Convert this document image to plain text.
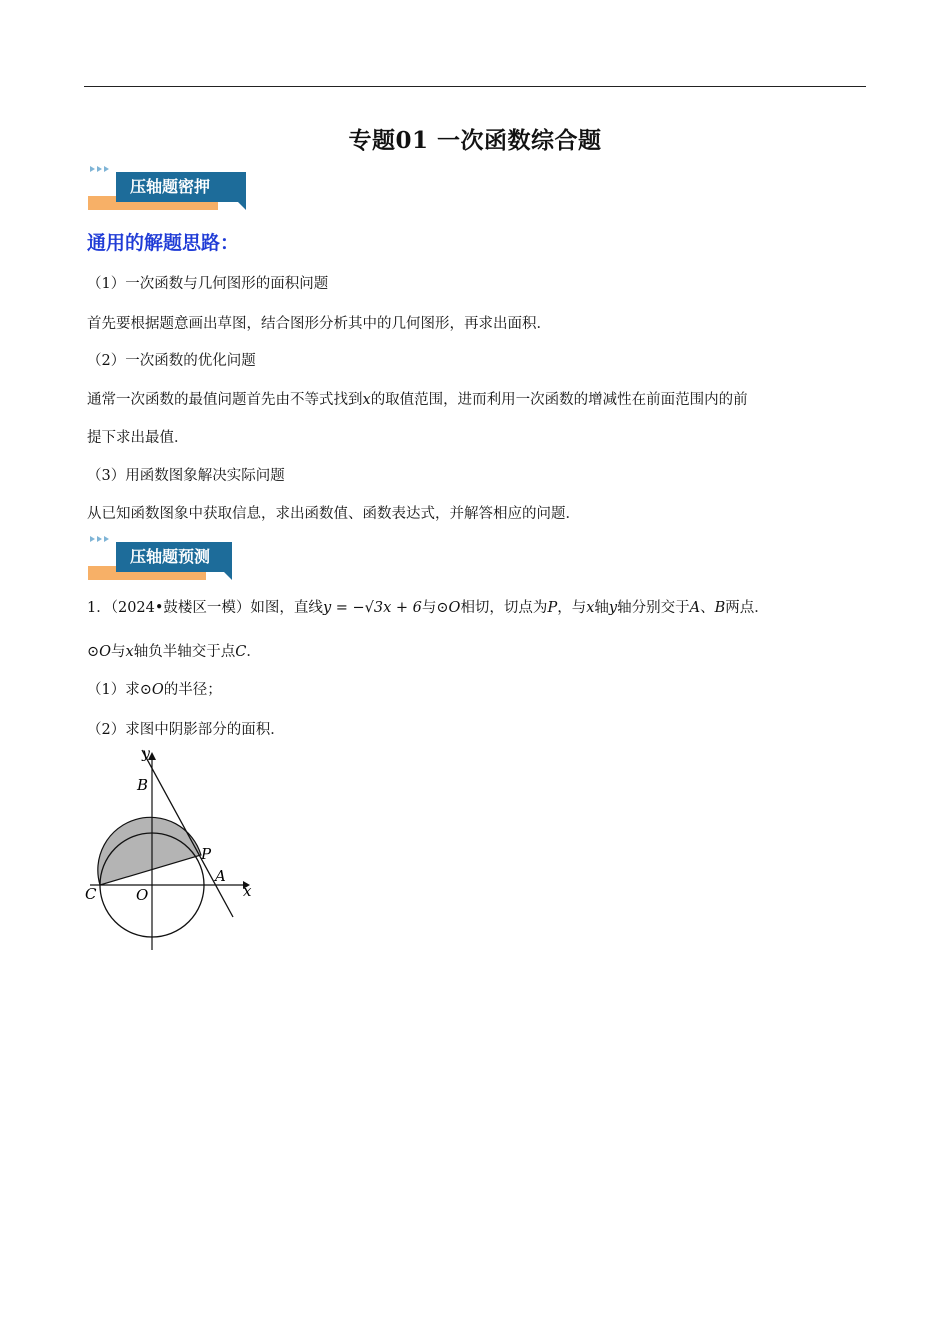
专题01 一次函数综合题
压轴题密押
通用的解题思路：
（1）一次函数与几何图形的面积问题
首先要根据题意画出草图，结合图形分析其中的几何图形，再求出面积．
（2）一次函数的优化问题
通常一次函数的最值问题首先由不等式找到x的取值范围，进而利用一次函数的增减性在前面范围内的前
提下求出最值．
（3）用函数图象解决实际问题
从已知函数图象中获取信息，求出函数值、函数表达式，并解答相应的问题．
压轴题预测
1．（2024•鼓楼区一模）如图，直线y = −√3x + 6与⊙O相切，切点为P，与x轴y轴分别交于A、B两点．
⊙O与x轴负半轴交于点C．
（1）求⊙O的半径；
（2）求图中阴影部分的面积．
y
B
P
A
C	O	x
